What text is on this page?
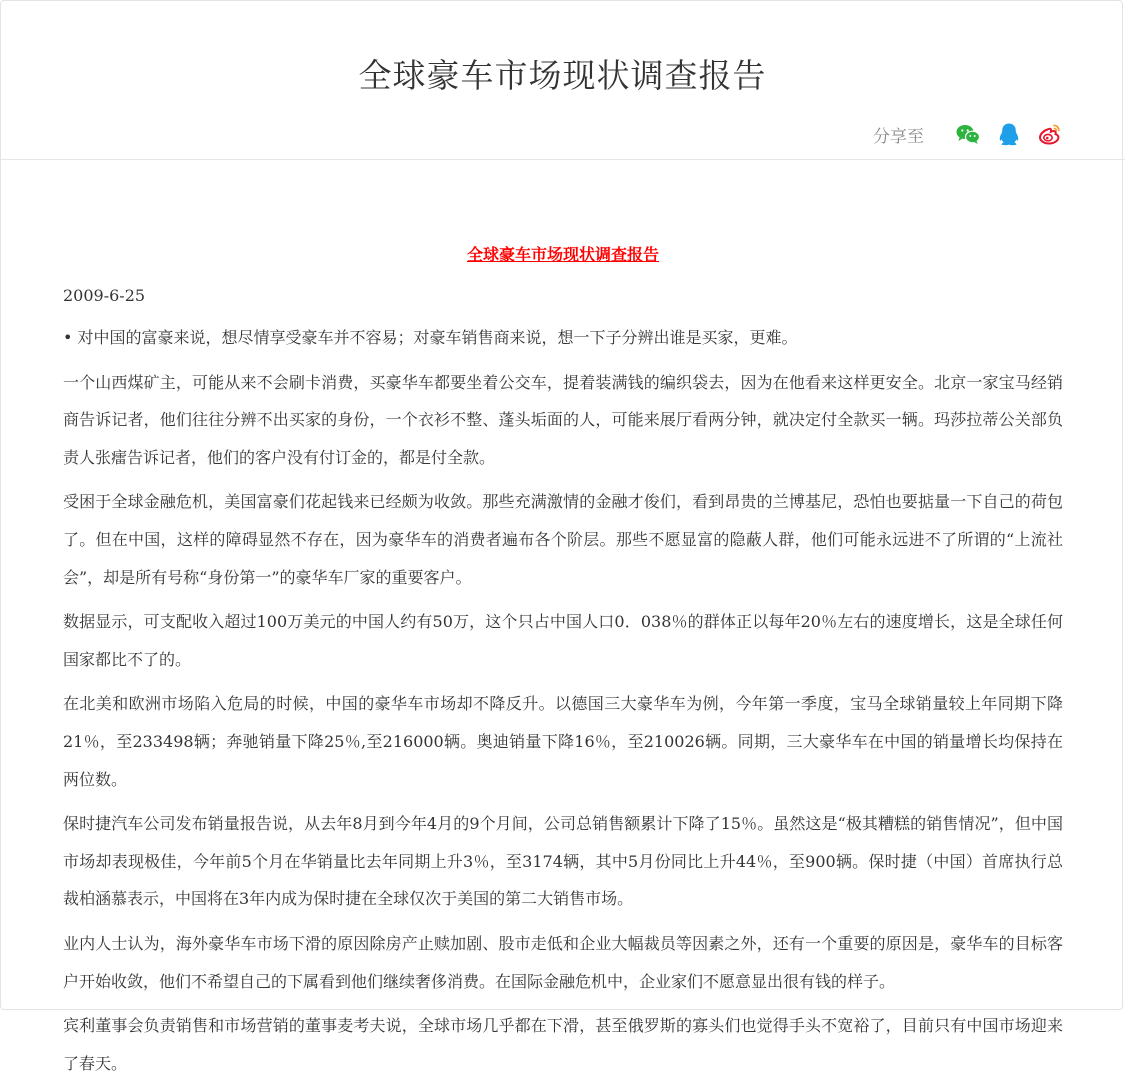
全球豪车市场现状调查报告
分享至
全球豪车市场现状调查报告
2009-6-25

• 对中国的富豪来说，想尽情享受豪车并不容易；对豪车销售商来说，想一下子分辨出谁是买家，更难。

一个山西煤矿主，可能从来不会刷卡消费，买豪华车都要坐着公交车，提着装满钱的编织袋去，因为在他看来这样更安全。北京一家宝马经销商告诉记者，他们往往分辨不出买家的身份，一个衣衫不整、蓬头垢面的人，可能来展厅看两分钟，就决定付全款买一辆。玛莎拉蒂公关部负责人张癗告诉记者，他们的客户没有付订金的，都是付全款。

受困于全球金融危机，美国富豪们花起钱来已经颇为收敛。那些充满激情的金融才俊们，看到昂贵的兰博基尼，恐怕也要掂量一下自己的荷包了。但在中国，这样的障碍显然不存在，因为豪华车的消费者遍布各个阶层。那些不愿显富的隐蔽人群，他们可能永远进不了所谓的“上流社会”，却是所有号称“身份第一”的豪华车厂家的重要客户。

数据显示，可支配收入超过100万美元的中国人约有50万，这个只占中国人口0．038％的群体正以每年20％左右的速度增长，这是全球任何国家都比不了的。

在北美和欧洲市场陷入危局的时候，中国的豪华车市场却不降反升。以德国三大豪华车为例，今年第一季度，宝马全球销量较上年同期下降21％，至233498辆；奔驰销量下降25％,至216000辆。奥迪销量下降16％，至210026辆。同期，三大豪华车在中国的销量增长均保持在两位数。

保时捷汽车公司发布销量报告说，从去年8月到今年4月的9个月间，公司总销售额累计下降了15％。虽然这是“极其糟糕的销售情况”，但中国市场却表现极佳，今年前5个月在华销量比去年同期上升3％，至3174辆，其中5月份同比上升44％，至900辆。保时捷（中国）首席执行总裁柏涵慕表示，中国将在3年内成为保时捷在全球仅次于美国的第二大销售市场。

业内人士认为，海外豪华车市场下滑的原因除房产止赎加剧、股市走低和企业大幅裁员等因素之外，还有一个重要的原因是，豪华车的目标客户开始收敛，他们不希望自己的下属看到他们继续奢侈消费。在国际金融危机中，企业家们不愿意显出很有钱的样子。

宾利董事会负责销售和市场营销的董事麦考夫说，全球市场几乎都在下滑，甚至俄罗斯的寡头们也觉得手头不宽裕了，目前只有中国市场迎来了春天。
